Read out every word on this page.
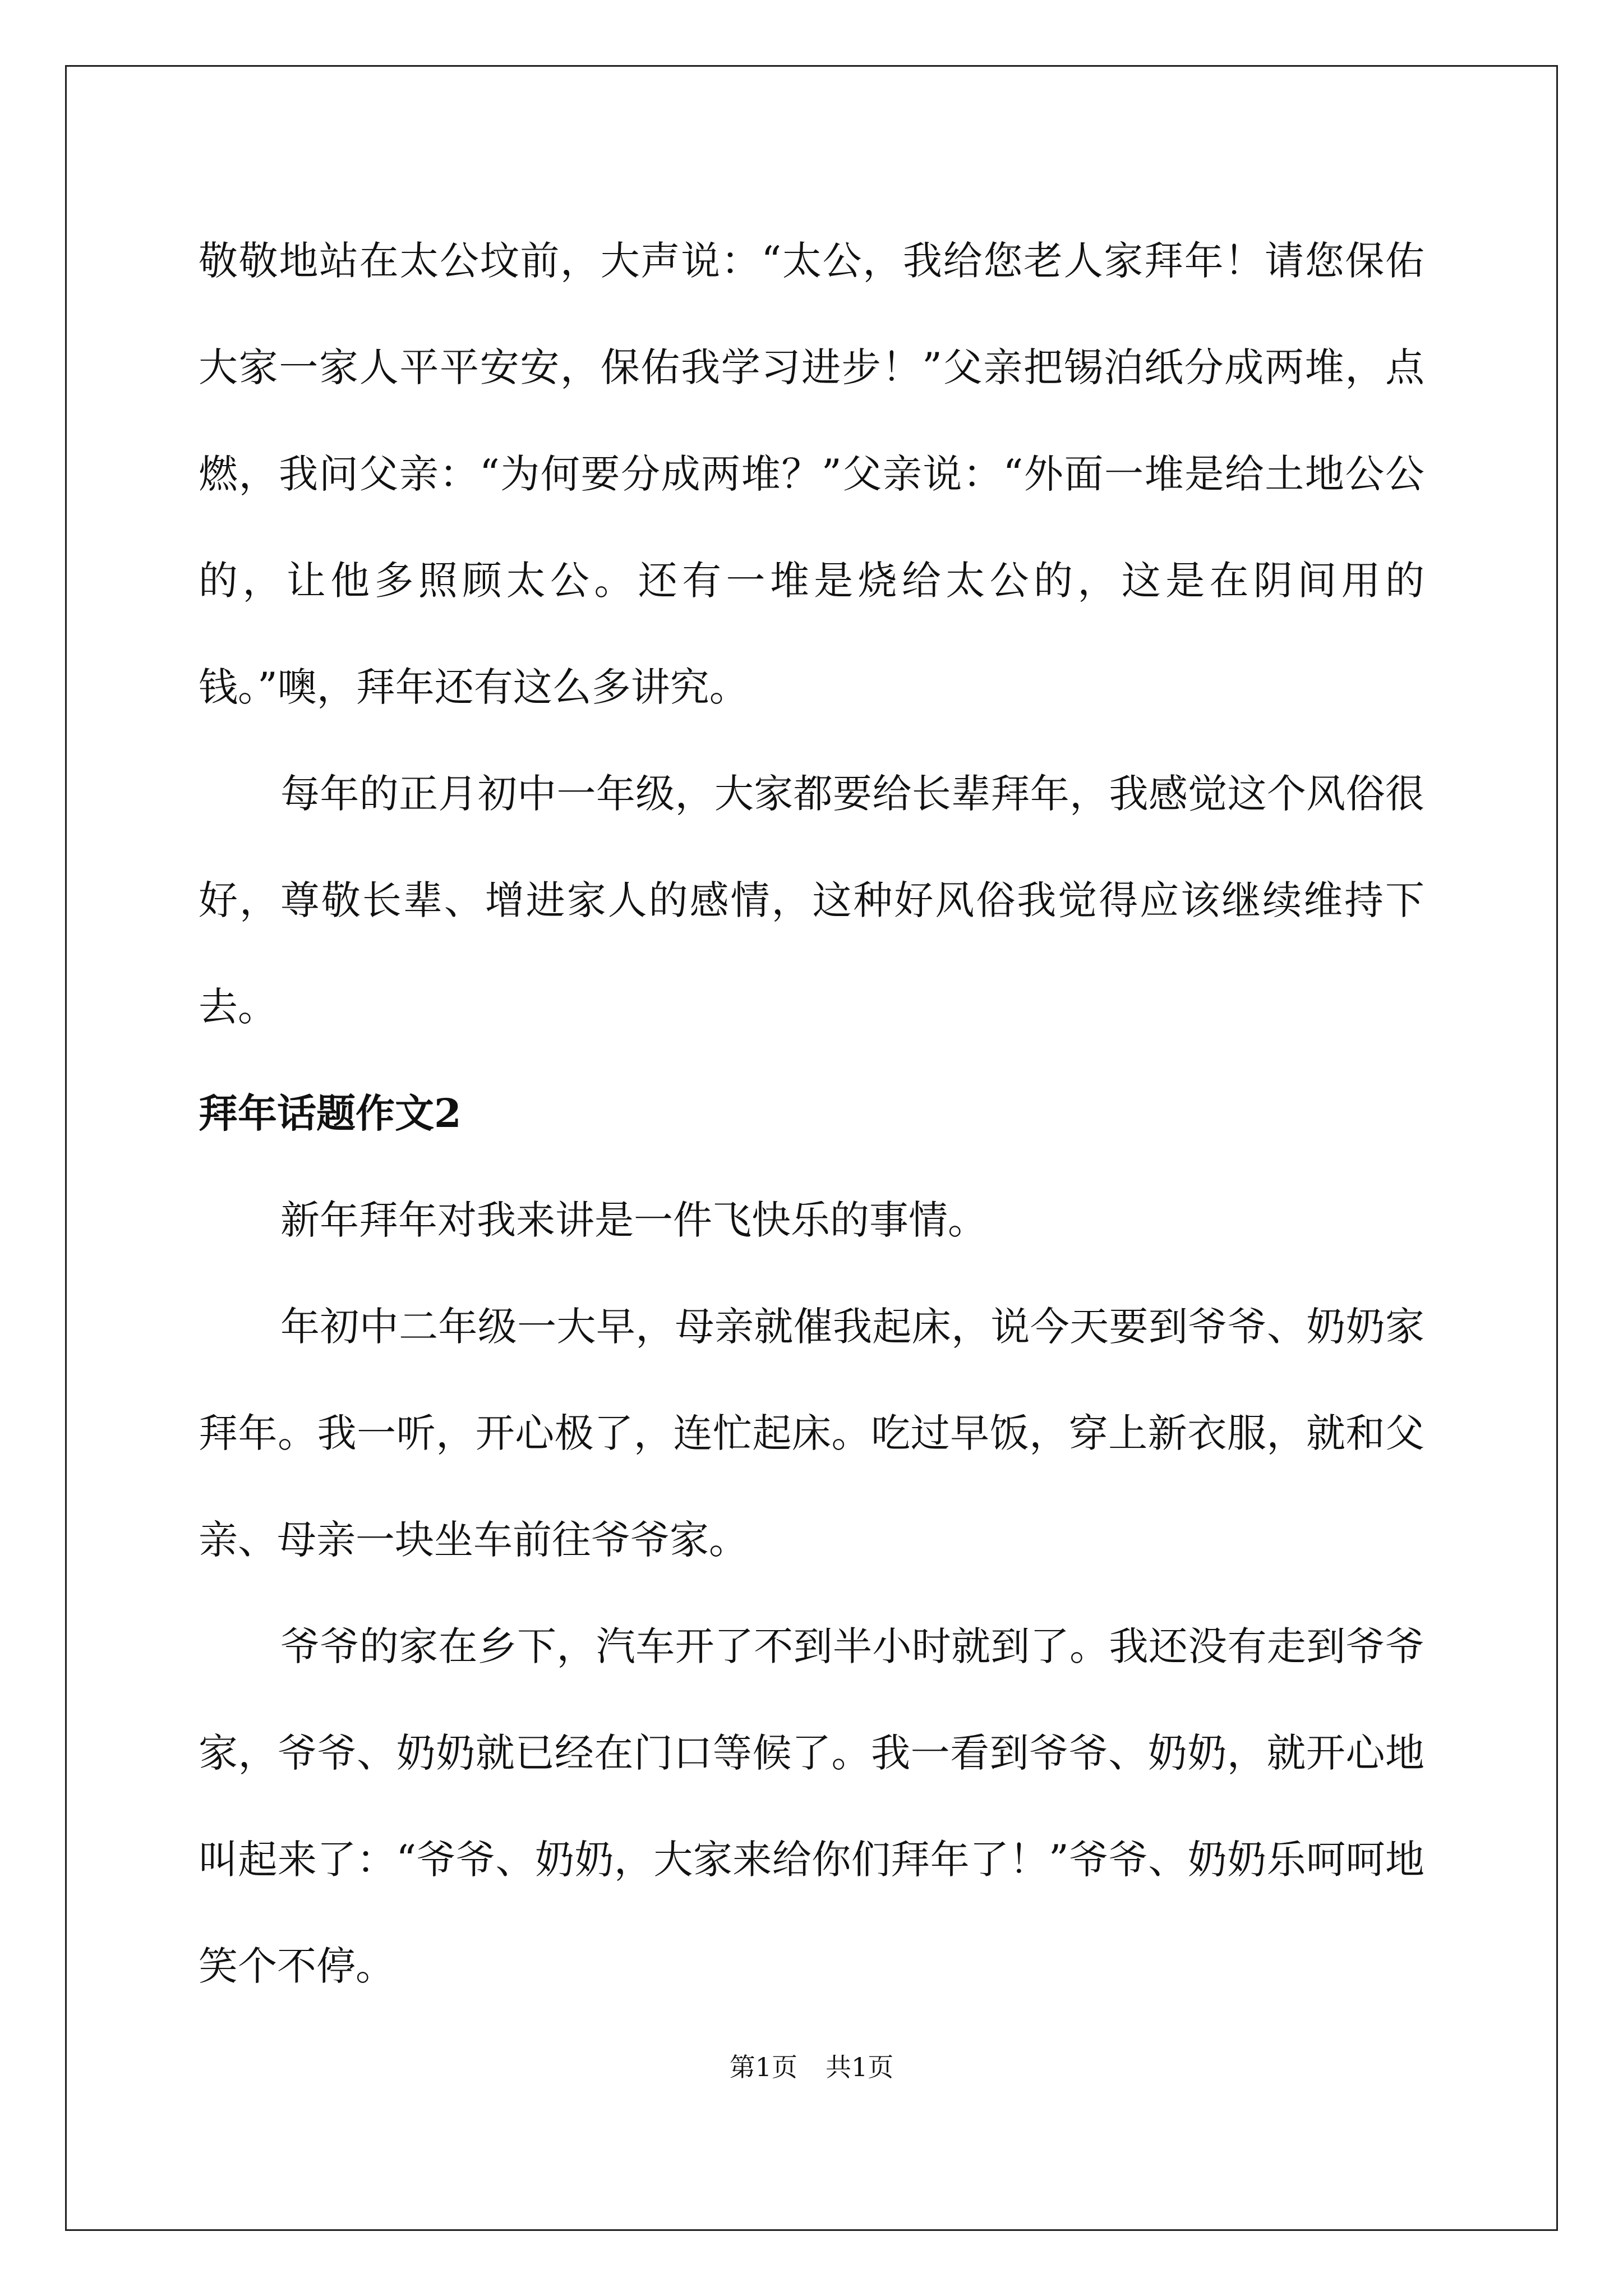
敬敬地站在太公坟前，大声说：“太公，我给您老人家拜年！请您保佑大家一家人平平安安，保佑我学习进步！”父亲把锡泊纸分成两堆，点燃，我问父亲：“为何要分成两堆？”父亲说：“外面一堆是给土地公公的，让他多照顾太公。还有一堆是烧给太公的，这是在阴间用的钱。”噢，拜年还有这么多讲究。

每年的正月初中一年级，大家都要给长辈拜年，我感觉这个风俗很好，尊敬长辈、增进家人的感情，这种好风俗我觉得应该继续维持下去。

拜年话题作文2

新年拜年对我来讲是一件飞快乐的事情。

年初中二年级一大早，母亲就催我起床，说今天要到爷爷、奶奶家拜年。我一听，开心极了，连忙起床。吃过早饭，穿上新衣服，就和父亲、母亲一块坐车前往爷爷家。

爷爷的家在乡下，汽车开了不到半小时就到了。我还没有走到爷爷家，爷爷、奶奶就已经在门口等候了。我一看到爷爷、奶奶，就开心地叫起来了：“爷爷、奶奶，大家来给你们拜年了！”爷爷、奶奶乐呵呵地笑个不停。

第1页 共1页
